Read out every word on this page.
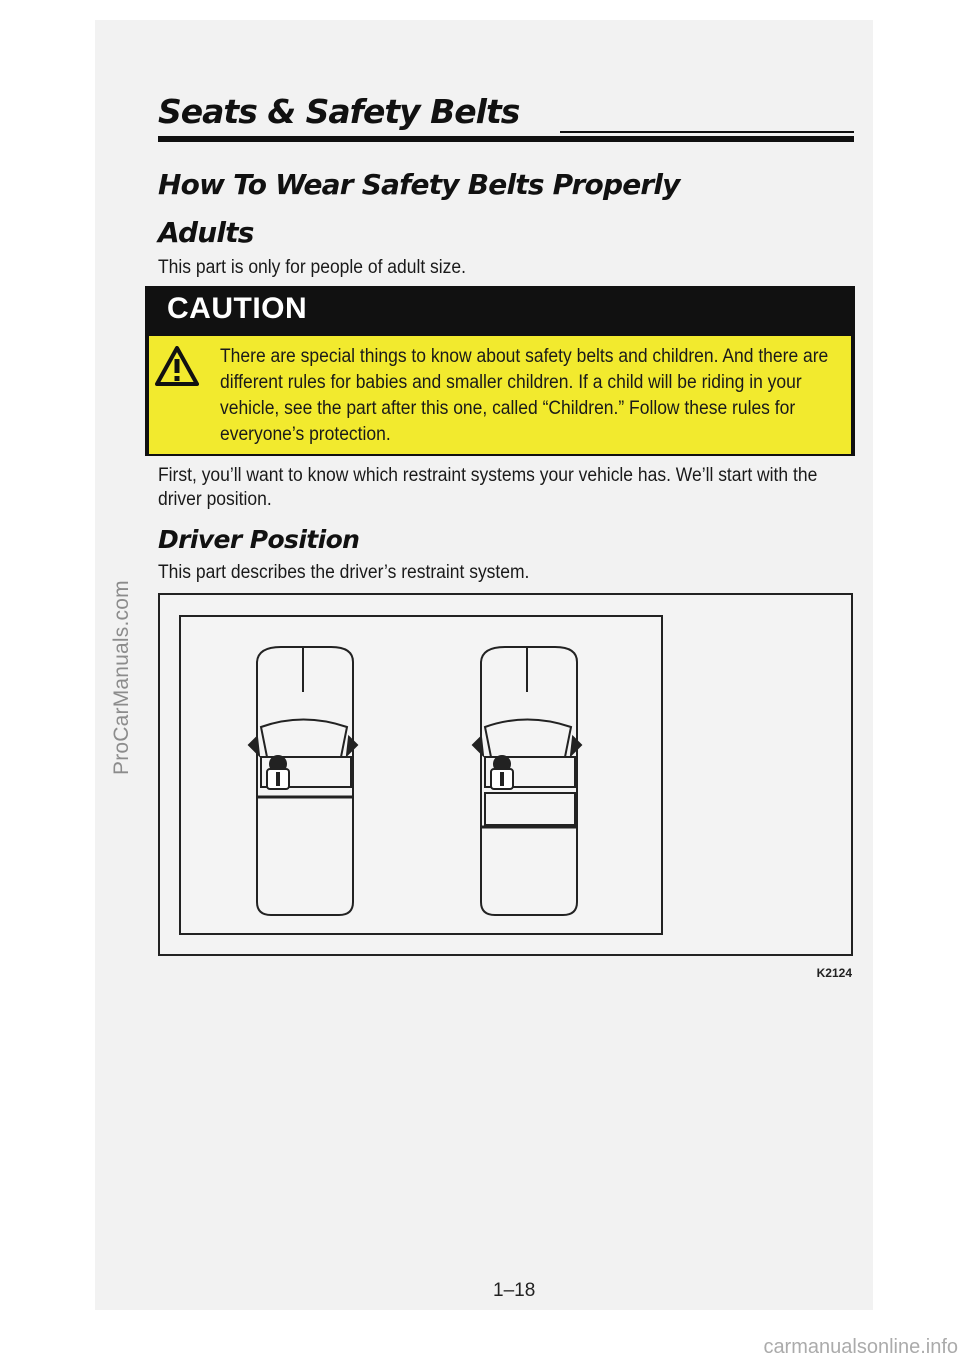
ProCarManuals.com
Seats & Safety Belts
How To Wear Safety Belts Properly
Adults
This part is only for people of adult size.
CAUTION
There are special things to know about safety belts and children. And there are different rules for babies and smaller children. If a child will be riding in your vehicle, see the part after this one, called “Children.” Follow these rules for everyone’s protection.
First, you’ll want to know which restraint systems your vehicle has. We’ll start with the driver position.
Driver Position
This part describes the driver’s restraint system.
K2124
1–18
carmanualsonline.info
